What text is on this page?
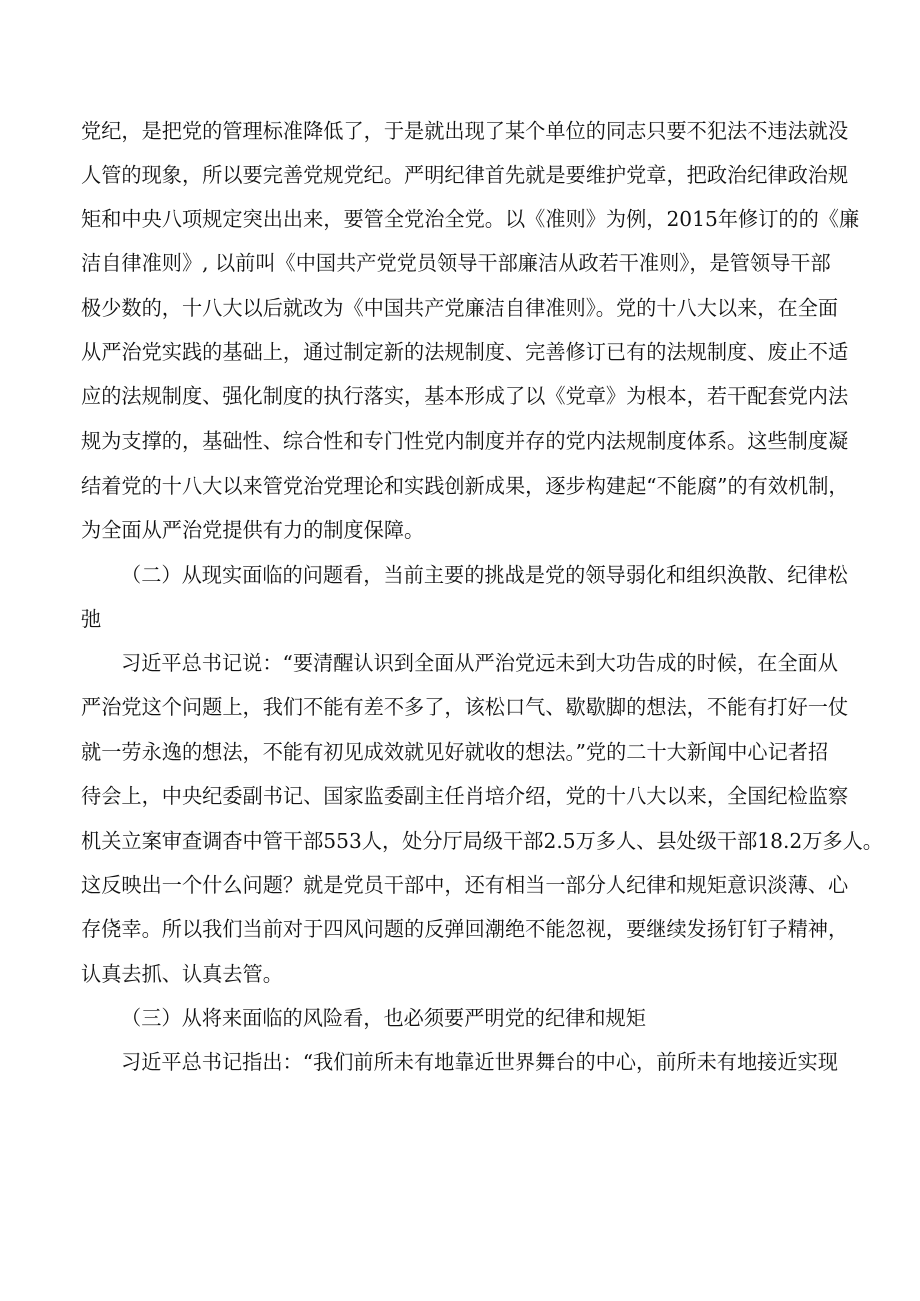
党纪，是把党的管理标准降低了，于是就出现了某个单位的同志只要不犯法不违法就没
人管的现象，所以要完善党规党纪。严明纪律首先就是要维护党章，把政治纪律政治规
矩和中央八项规定突出出来，要管全党治全党。以《准则》为例，2015年修订的的《廉
洁自律准则》, 以前叫《中国共产党党员领导干部廉洁从政若干准则》，是管领导干部
极少数的，十八大以后就改为《中国共产党廉洁自律准则》。党的十八大以来，在全面
从严治党实践的基础上，通过制定新的法规制度、完善修订已有的法规制度、废止不适
应的法规制度、强化制度的执行落实，基本形成了以《党章》为根本，若干配套党内法
规为支撑的，基础性、综合性和专门性党内制度并存的党内法规制度体系。这些制度凝
结着党的十八大以来管党治党理论和实践创新成果，逐步构建起“不能腐”的有效机制，
为全面从严治党提供有力的制度保障。
（二）从现实面临的问题看，当前主要的挑战是党的领导弱化和组织涣散、纪律松
弛
习近平总书记说：“要清醒认识到全面从严治党远未到大功告成的时候，在全面从
严治党这个问题上，我们不能有差不多了，该松口气、歇歇脚的想法，不能有打好一仗
就一劳永逸的想法，不能有初见成效就见好就收的想法。”党的二十大新闻中心记者招
待会上，中央纪委副书记、国家监委副主任肖培介绍，党的十八大以来，全国纪检监察
机关立案审查调杳中管干部553人，处分厅局级干部2.5万多人、县处级干部18.2万多人。
这反映出一个什么问题？就是党员干部中，还有相当一部分人纪律和规矩意识淡薄、心
存侥幸。所以我们当前对于四风问题的反弹回潮绝不能忽视，要继续发扬钉钉子精神，
认真去抓、认真去管。
（三）从将来面临的风险看，也必须要严明党的纪律和规矩
习近平总书记指出：“我们前所未有地靠近世界舞台的中心，前所未有地接近实现
